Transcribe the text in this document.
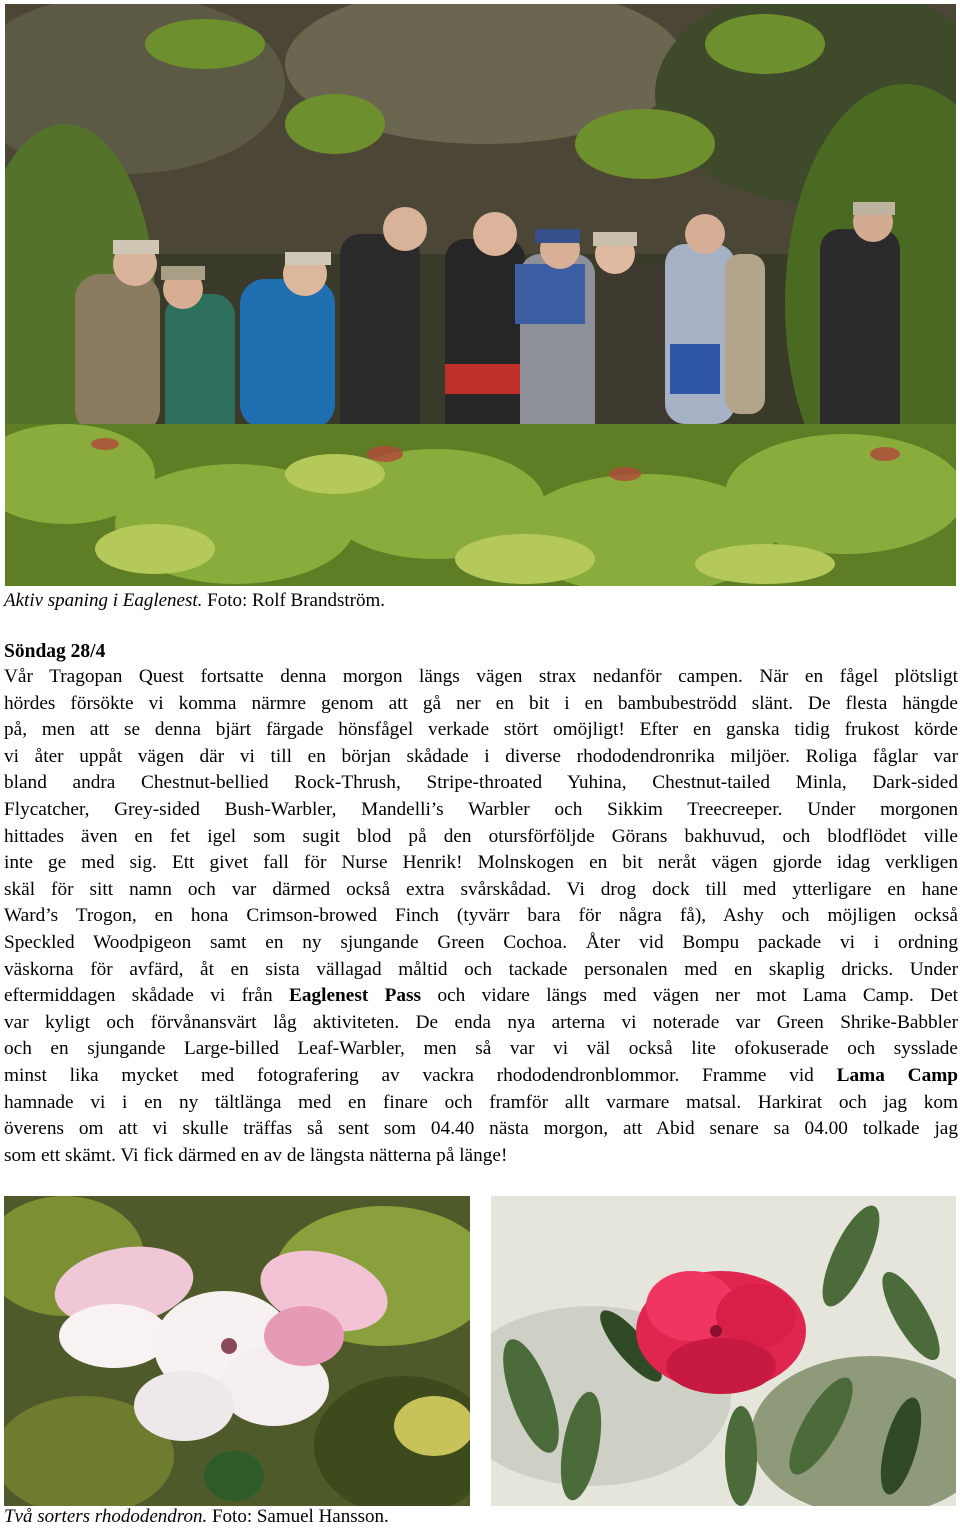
Aktiv spaning i Eaglenest. Foto: Rolf Brandström.
Söndag 28/4
Vår Tragopan Quest fortsatte denna morgon längs vägen strax nedanför campen. När en fågel plötsligt
hördes försökte vi komma närmre genom att gå ner en bit i en bambubeströdd slänt. De flesta hängde
på, men att se denna bjärt färgade hönsfågel verkade stört omöjligt! Efter en ganska tidig frukost körde
vi åter uppåt vägen där vi till en början skådade i diverse rhododendronrika miljöer. Roliga fåglar var
bland andra Chestnut-bellied Rock-Thrush, Stripe-throated Yuhina, Chestnut-tailed Minla, Dark-sided
Flycatcher, Grey-sided Bush-Warbler, Mandelli’s Warbler och Sikkim Treecreeper. Under morgonen
hittades även en fet igel som sugit blod på den otursförföljde Görans bakhuvud, och blodflödet ville
inte ge med sig. Ett givet fall för Nurse Henrik! Molnskogen en bit neråt vägen gjorde idag verkligen
skäl för sitt namn och var därmed också extra svårskådad. Vi drog dock till med ytterligare en hane
Ward’s Trogon, en hona Crimson-browed Finch (tyvärr bara för några få), Ashy och möjligen också
Speckled Woodpigeon samt en ny sjungande Green Cochoa. Åter vid Bompu packade vi i ordning
väskorna för avfärd, åt en sista vällagad måltid och tackade personalen med en skaplig dricks. Under
eftermiddagen skådade vi från Eaglenest Pass och vidare längs med vägen ner mot Lama Camp. Det
var kyligt och förvånansvärt låg aktiviteten. De enda nya arterna vi noterade var Green Shrike-Babbler
och en sjungande Large-billed Leaf-Warbler, men så var vi väl också lite ofokuserade och sysslade
minst lika mycket med fotografering av vackra rhododendronblommor. Framme vid Lama Camp
hamnade vi i en ny tältlänga med en finare och framför allt varmare matsal. Harkirat och jag kom
överens om att vi skulle träffas så sent som 04.40 nästa morgon, att Abid senare sa 04.00 tolkade jag
som ett skämt. Vi fick därmed en av de längsta nätterna på länge!
Två sorters rhododendron. Foto: Samuel Hansson.
